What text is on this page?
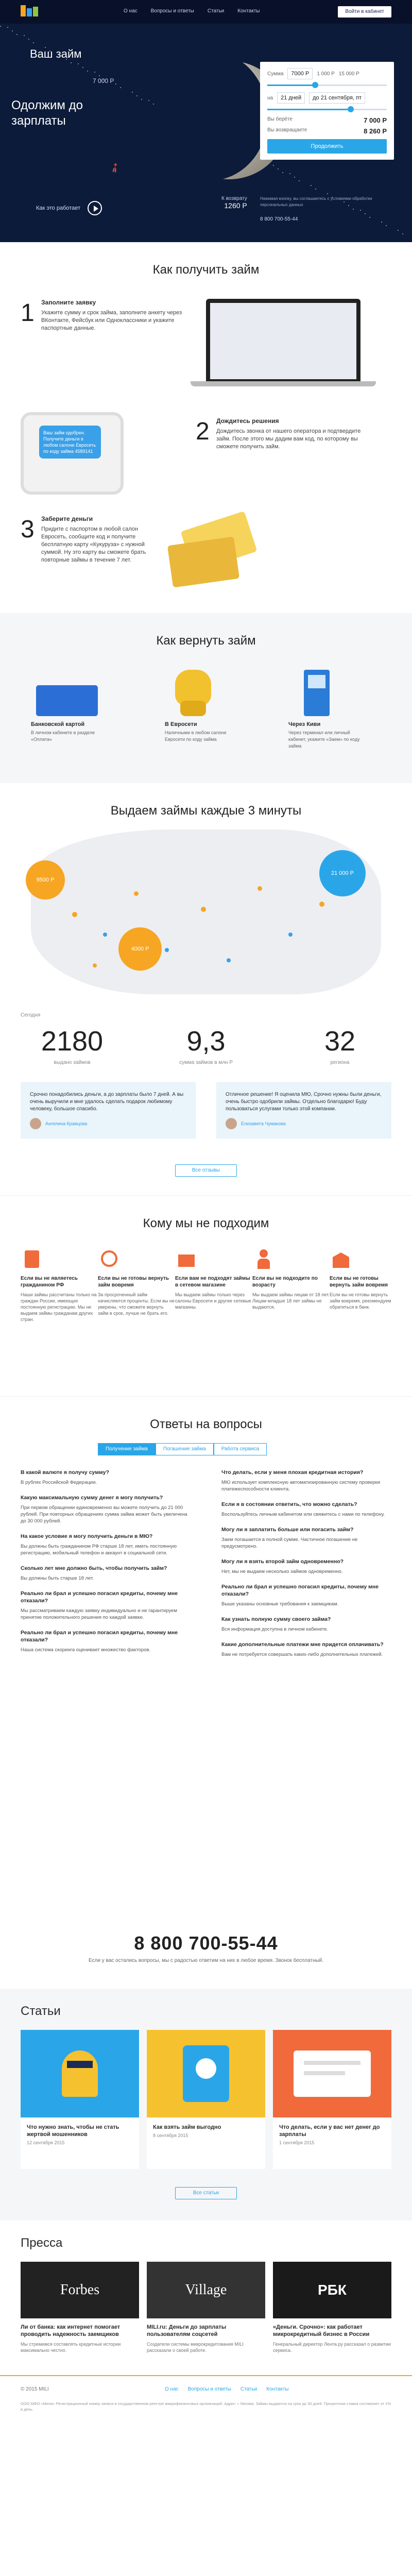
О нас	Вопросы и ответы	Статьи	Контакты	Войти в кабинет
Ваш займ
7 000 Р
Одолжим до зарплаты
➶
Как это работает
К возврату
1260 Р
Сумма	7000 Р	1 000 Р 15 000 Р
на	21 дней	до 21 сентября, пт
Вы берёте	7 000 Р
Вы возвращаете	8 260 Р
Продолжить
Нажимая кнопку, вы соглашаетесь с условиями обработки персональных данных
8 800 700-55-44
Как получить займ
1 Заполните заявку
Укажите сумму и срок займа, заполните анкету через ВКонтакте, Фейсбук или Одноклассники и укажите паспортные данные.
Ваш займ одобрен. Получите деньги в любом салоне Евросеть по коду займа 4589141
2 Дождитесь решения
Дождитесь звонка от нашего оператора и подтвердите займ. После этого мы дадим вам код, по которому вы сможете получить займ.
3 Заберите деньги
Придите с паспортом в любой салон Евросеть, сообщите код и получите бесплатную карту «Кукуруза» с нужной суммой. Ну это карту вы сможете брать повторные займы в течение 7 лет.
Как вернуть займ
Банковской картой
В личном кабинете в разделе «Оплата»
В Евросети
Наличными в любом салоне Евросети по коду займа
Через Киви
Через терминал или личный кабинет, укажите «Заем» по коду займа
Выдаем займы каждые 3 минуты
9500 Р
4000 Р
21 000 Р
Сегодня
2180
выдано займов
9,3
сумма займов в млн Р
32
региона
Срочно понадобились деньги, а до зарплаты было 7 дней. А вы очень выручили и мне удалось сделать подарок любимому человеку, большое спасибо.
Ангелина Кравцова
Отличное решение! Я оценила МЮ, Срочно нужны были деньги, очень быстро одобрили займы. Отдельно благодарю! Буду пользоваться услугами только этой компании.
Елизавета Чумакова
Все отзывы
Кому мы не подходим
Если вы не являетесь гражданином РФ
Наши займы рассчитаны только на граждан России, имеющих постоянную регистрацию. Мы не выдаем займы гражданам других стран.
Если вы не готовы вернуть займ вовремя
За просроченный займ начисляются проценты. Если вы не уверены, что сможете вернуть займ в срок, лучше не брать его.
Если вам не подходят займы в сетевом магазине
Мы выдаем займы только через салоны Евросети и другие сетевые магазины.
Если вы не подходите по возрасту
Мы выдаем займы лицам от 18 лет. Лицам младше 18 лет займы не выдаются.
Если вы не готовы вернуть займ вовремя
Если вы не готовы вернуть займ вовремя, рекомендуем обратиться в банк.
Ответы на вопросы
Получение займа	Погашение займа	Работа сервиса
В какой валюте я получу сумму?
В рублях Российской Федерации.
Какую максимальную сумму денег я могу получить?
При первом обращении единовременно вы можете получить до 21 000 рублей. При повторных обращениях сумма займа может быть увеличена до 30 000 рублей.
На какое условие я могу получить деньги в МЮ?
Вы должны быть гражданином РФ старше 18 лет, иметь постоянную регистрацию, мобильный телефон и аккаунт в социальной сети.
Сколько лет мне должно быть, чтобы получить займ?
Вы должны быть старше 18 лет.
Реально ли брал и успешно погасил кредиты, почему мне отказали?
Мы рассматриваем каждую заявку индивидуально и не гарантируем принятие положительного решения по каждой заявке.
Реально ли брал и успешно погасил кредиты, почему мне отказали?
Наша система скоринга оценивает множество факторов.
Что делать, если у меня плохая кредитная история?
МЮ использует комплексную автоматизированную систему проверки платежеспособности клиента.
Если я в состоянии ответить, что можно сделать?
Воспользуйтесь личным кабинетом или свяжитесь с нами по телефону.
Могу ли я заплатить больше или погасить займ?
Заем погашается в полной сумме. Частичное погашение не предусмотрено.
Могу ли я взять второй займ одновременно?
Нет, мы не выдаем несколько займов одновременно.
Реально ли брал и успешно погасил кредиты, почему мне отказали?
Выше указаны основные требования к заемщикам.
Как узнать полную сумму своего займа?
Вся информация доступна в личном кабинете.
Какие дополнительные платежи мне придется оплачивать?
Вам не потребуется совершать каких-либо дополнительных платежей.
8 800 700-55-44

Если у вас остались вопросы, мы с радостью ответим на них в любое время. Звонок бесплатный.

Статьи
Что нужно знать, чтобы не стать жертвой мошенников
12 сентября 2015
Как взять займ выгодно
8 сентября 2015
Что делать, если у вас нет денег до зарплаты
1 сентября 2015
Все статьи
Пресса
Forbes
Ли от банка: как интернет помогает проводить надежность заемщиков
Мы стремимся составлять кредитные истории максимально честно.
Village
MILI.ru: Деньги до зарплаты пользователям соцсетей
Создатели системы микрокредитования MILI рассказали о своей работе.
РБК
«Деньги. Срочно»: как работает микрокредитный бизнес в России
Генеральный директор Лента.ру рассказал о развитии сервиса.
© 2015 MILI	О нас Вопросы и ответы Статьи Контакты
ООО МФО «Мили» Регистрационный номер записи в государственном реестре микрофинансовых организаций. Адрес: г. Москва. Займы выдаются на срок до 30 дней. Процентная ставка составляет от 1% в день.
